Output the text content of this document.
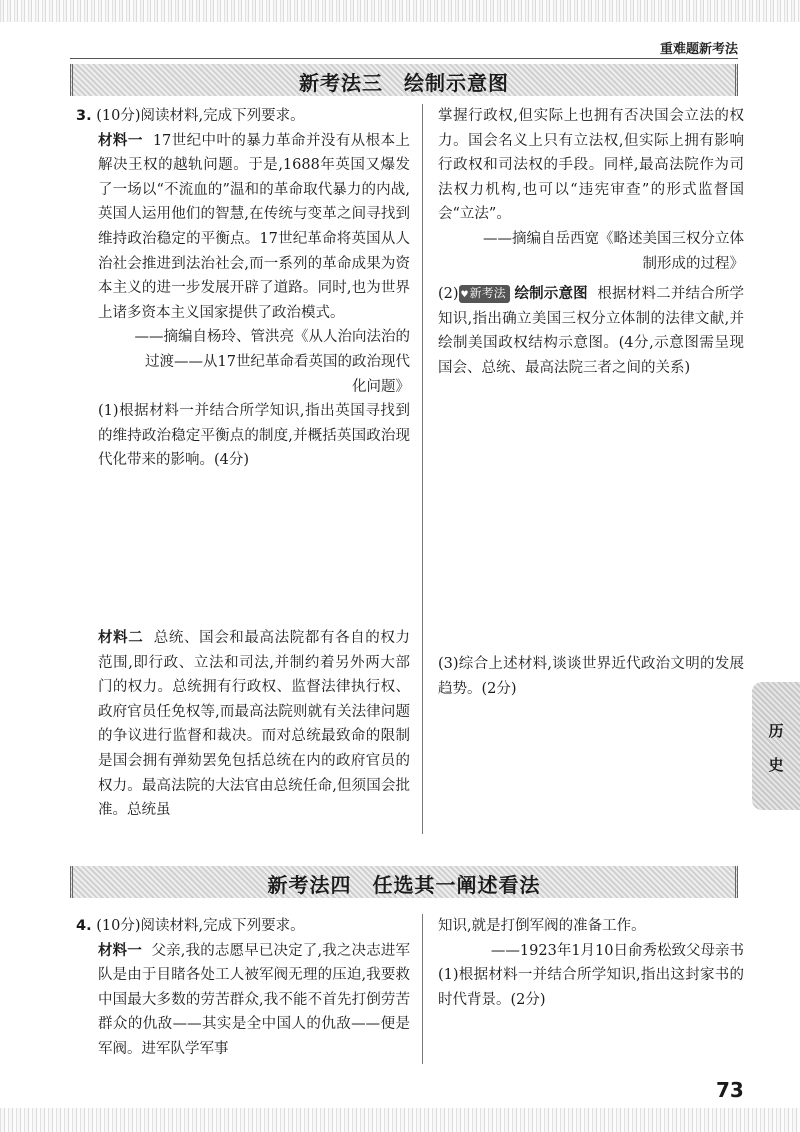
重难题新考法
新考法三　绘制示意图

3. (10分)阅读材料,完成下列要求。

材料一 17世纪中叶的暴力革命并没有从根本上解决王权的越轨问题。于是,1688年英国又爆发了一场以“不流血的”温和的革命取代暴力的内战,英国人运用他们的智慧,在传统与变革之间寻找到维持政治稳定的平衡点。17世纪革命将英国从人治社会推进到法治社会,而一系列的革命成果为资本主义的进一步发展开辟了道路。同时,也为世界上诸多资本主义国家提供了政治模式。

——摘编自杨玲、管洪亮《从人治向法治的

过渡——从17世纪革命看英国的政治现代

化问题》

(1)根据材料一并结合所学知识,指出英国寻找到的维持政治稳定平衡点的制度,并概括英国政治现代化带来的影响。(4分)

材料二 总统、国会和最高法院都有各自的权力范围,即行政、立法和司法,并制约着另外两大部门的权力。总统拥有行政权、监督法律执行权、政府官员任免权等,而最高法院则就有关法律问题的争议进行监督和裁决。而对总统最致命的限制是国会拥有弹劾罢免包括总统在内的政府官员的权力。最高法院的大法官由总统任命,但须国会批准。总统虽

掌握行政权,但实际上也拥有否决国会立法的权力。国会名义上只有立法权,但实际上拥有影响行政权和司法权的手段。同样,最高法院作为司法权力机构,也可以“违宪审查”的形式监督国会“立法”。

——摘编自岳西宽《略述美国三权分立体

制形成的过程》

(2) ♥新考法 绘制示意图 根据材料二并结合所学知识,指出确立美国三权分立体制的法律文献,并绘制美国政权结构示意图。(4分,示意图需呈现国会、总统、最高法院三者之间的关系)

(3)综合上述材料,谈谈世界近代政治文明的发展趋势。(2分)

新考法四　任选其一阐述看法

4. (10分)阅读材料,完成下列要求。

材料一 父亲,我的志愿早已决定了,我之决志进军队是由于目睹各处工人被军阀无理的压迫,我要救中国最大多数的劳苦群众,我不能不首先打倒劳苦群众的仇敌——其实是全中国人的仇敌——便是军阀。进军队学军事

知识,就是打倒军阀的准备工作。

——1923年1月10日俞秀松致父母亲书

(1)根据材料一并结合所学知识,指出这封家书的时代背景。(2分)

历
史
73
